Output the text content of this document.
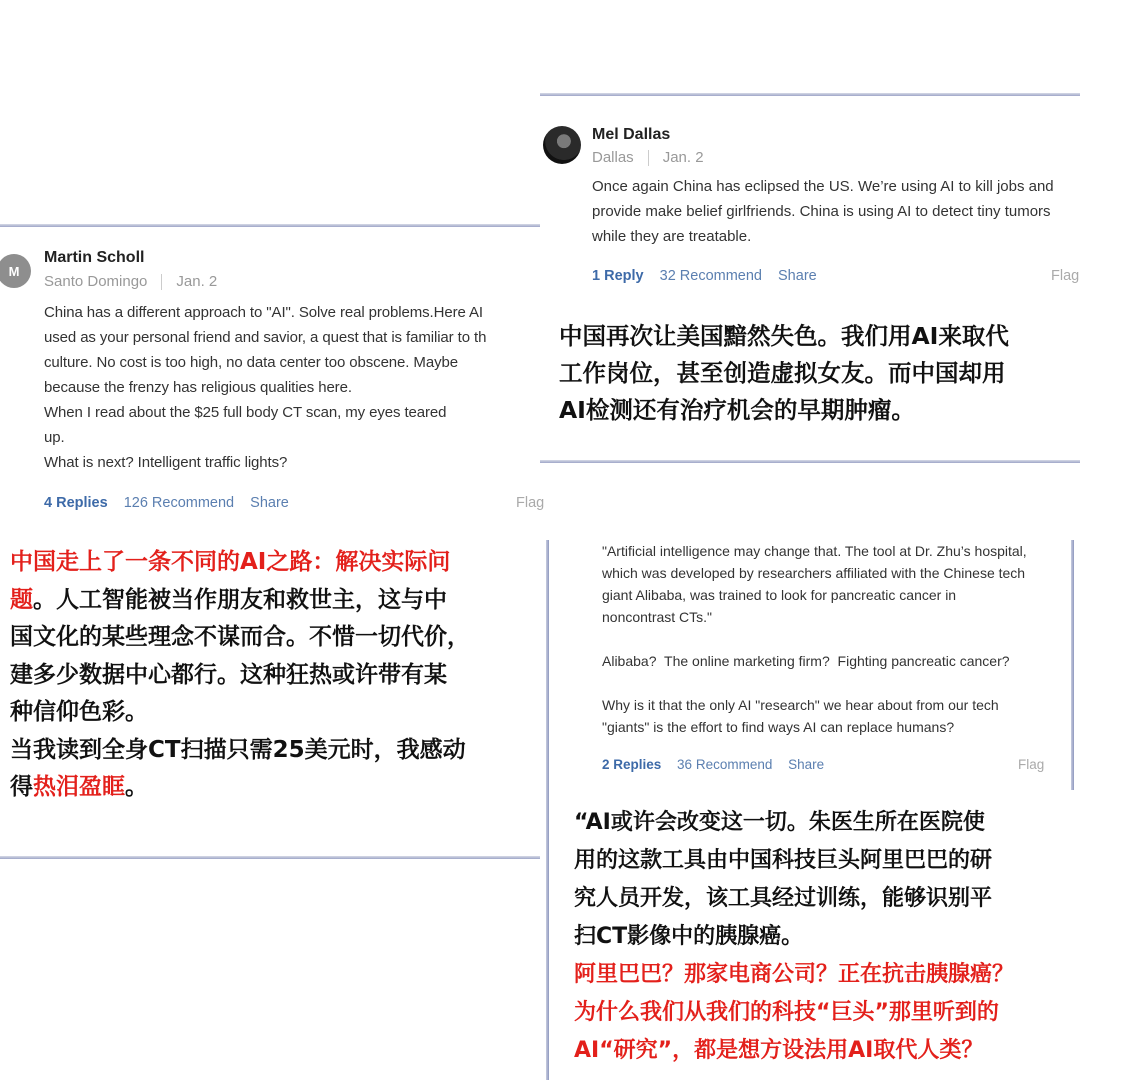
Mel Dallas
Dallas Jan. 2
Once again China has eclipsed the US. We’re using AI to kill jobs and
provide make belief girlfriends. China is using AI to detect tiny tumors
while they are treatable.
1 Reply 32 Recommend Share	Flag
中国再次让美国黯然失色。我们用AI来取代
工作岗位，甚至创造虚拟女友。而中国却用
AI检测还有治疗机会的早期肿瘤。
M
Martin Scholl
Santo Domingo Jan. 2
China has a different approach to "AI". Solve real problems.Here AI
used as your personal friend and savior, a quest that is familiar to th
culture. No cost is too high, no data center too obscene. Maybe
because the frenzy has religious qualities here.
When I read about the $25 full body CT scan, my eyes teared
up.
What is next? Intelligent traffic lights?
4 Replies 126 Recommend Share	Flag
中国走上了一条不同的AI之路：解决实际问
题。人工智能被当作朋友和救世主，这与中
国文化的某些理念不谋而合。不惜一切代价，
建多少数据中心都行。这种狂热或许带有某
种信仰色彩。
当我读到全身CT扫描只需25美元时，我感动
得热泪盈眶。
"Artificial intelligence may change that. The tool at Dr. Zhu’s hospital,
which was developed by researchers affiliated with the Chinese tech
giant Alibaba, was trained to look for pancreatic cancer in
noncontrast CTs."

Alibaba?  The online marketing firm?  Fighting pancreatic cancer?

Why is it that the only AI "research" we hear about from our tech
"giants" is the effort to find ways AI can replace humans?
2 Replies 36 Recommend Share	Flag
“AI或许会改变这一切。朱医生所在医院使
用的这款工具由中国科技巨头阿里巴巴的研
究人员开发，该工具经过训练，能够识别平
扫CT影像中的胰腺癌。
阿里巴巴？那家电商公司？正在抗击胰腺癌？
为什么我们从我们的科技“巨头”那里听到的
AI“研究”，都是想方设法用AI取代人类？
